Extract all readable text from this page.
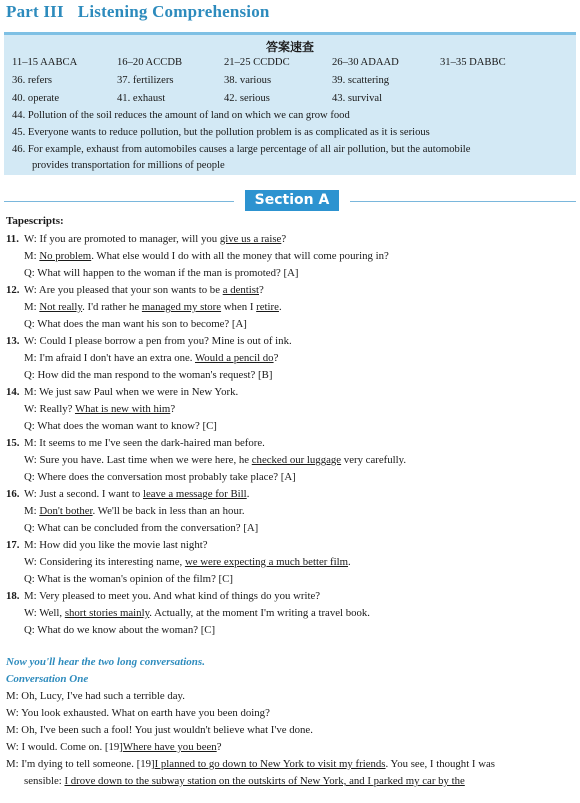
Part III Listening Comprehension
答案速查
11–15 AABCA	16–20 ACCDB	21–25 CCDDC	26–30 ADAAD	31–35 DABBC
36. refers	37. fertilizers	38. various	39. scattering
40. operate	41. exhaust	42. serious	43. survival
44. Pollution of the soil reduces the amount of land on which we can grow food
45. Everyone wants to reduce pollution, but the pollution problem is as complicated as it is serious
46. For example, exhaust from automobiles causes a large percentage of all air pollution, but the automobile
provides transportation for millions of people
Section A
Tapescripts:
11. W: If you are promoted to manager, will you give us a raise?
M: No problem. What else would I do with all the money that will come pouring in?
Q: What will happen to the woman if the man is promoted? [A]
12. W: Are you pleased that your son wants to be a dentist?
M: Not really. I'd rather he managed my store when I retire.
Q: What does the man want his son to become? [A]
13. W: Could I please borrow a pen from you? Mine is out of ink.
M: I'm afraid I don't have an extra one. Would a pencil do?
Q: How did the man respond to the woman's request? [B]
14. M: We just saw Paul when we were in New York.
W: Really? What is new with him?
Q: What does the woman want to know? [C]
15. M: It seems to me I've seen the dark-haired man before.
W: Sure you have. Last time when we were here, he checked our luggage very carefully.
Q: Where does the conversation most probably take place? [A]
16. W: Just a second. I want to leave a message for Bill.
M: Don't bother. We'll be back in less than an hour.
Q: What can be concluded from the conversation? [A]
17. M: How did you like the movie last night?
W: Considering its interesting name, we were expecting a much better film.
Q: What is the woman's opinion of the film? [C]
18. M: Very pleased to meet you. And what kind of things do you write?
W: Well, short stories mainly. Actually, at the moment I'm writing a travel book.
Q: What do we know about the woman? [C]
Now you'll hear the two long conversations.
Conversation One
M: Oh, Lucy, I've had such a terrible day.
W: You look exhausted. What on earth have you been doing?
M: Oh, I've been such a fool! You just wouldn't believe what I've done.
W: I would. Come on. [19]Where have you been?
M: I'm dying to tell someone. [19]I planned to go down to New York to visit my friends. You see, I thought I was
sensible: I drove down to the subway station on the outskirts of New York, and I parked my car by the
